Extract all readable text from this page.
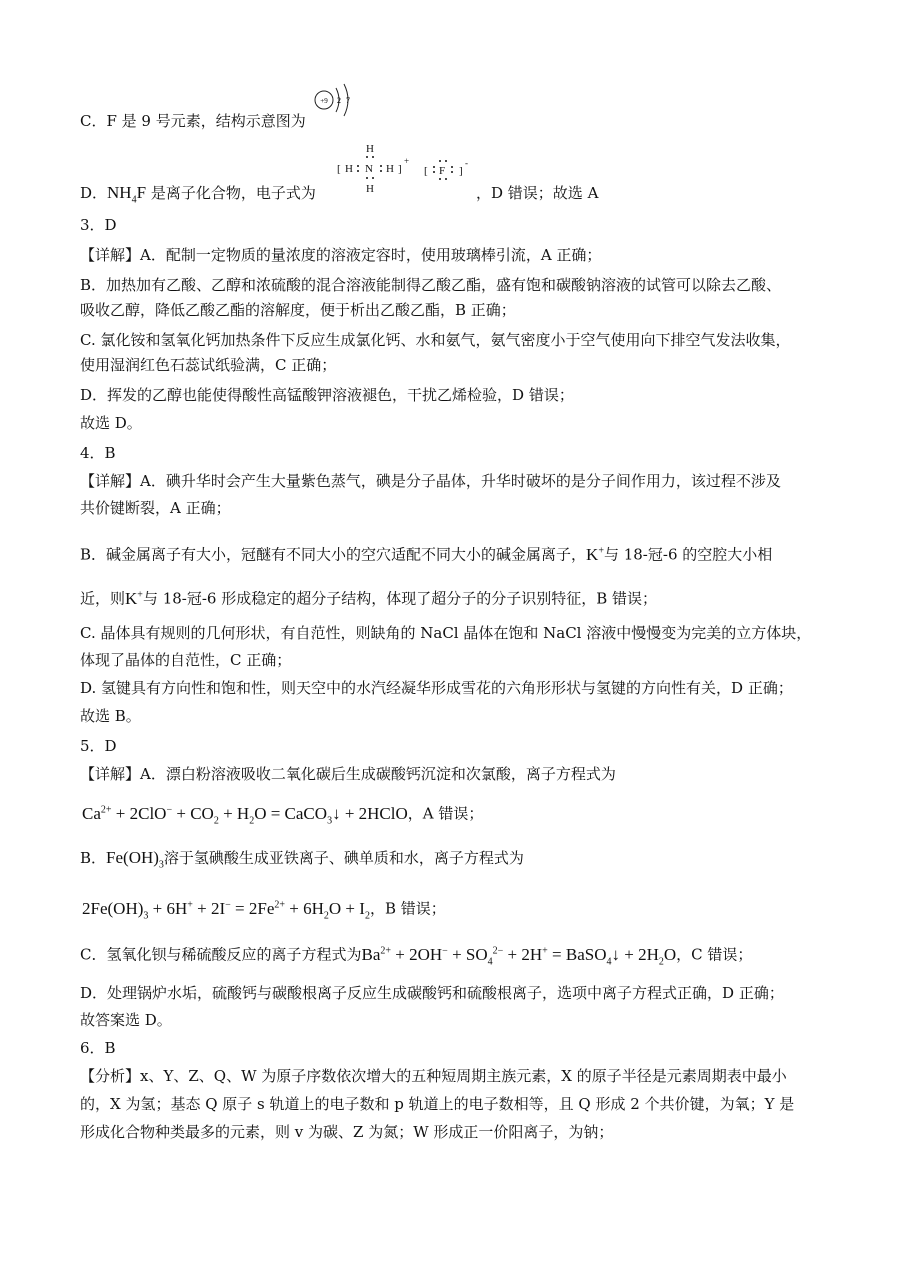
C．F 是 9 号元素，结构示意图为
+9 2 7
D．$NH_4F$ 是离子化合物，电子式为	，D 错误；故选 A
H
H
[ H N H ]
+
[ F ]
-
3．D
【详解】A．配制一定物质的量浓度的溶液定容时，使用玻璃棒引流，A 正确；
B．加热加有乙酸、乙醇和浓硫酸的混合溶液能制得乙酸乙酯，盛有饱和碳酸钠溶液的试管可以除去乙酸、
吸收乙醇，降低乙酸乙酯的溶解度，便于析出乙酸乙酯，B 正确；
C. 氯化铵和氢氧化钙加热条件下反应生成氯化钙、水和氨气，氨气密度小于空气使用向下排空气发法收集，
使用湿润红色石蕊试纸验满，C 正确；
D．挥发的乙醇也能使得酸性高锰酸钾溶液褪色，干扰乙烯检验，D 错误；
故选 D。
4．B
【详解】A．碘升华时会产生大量紫色蒸气，碘是分子晶体，升华时破坏的是分子间作用力，该过程不涉及
共价键断裂，A 正确；
B．碱金属离子有大小，冠醚有不同大小的空穴适配不同大小的碱金属离子，K+与 18-冠-6 的空腔大小相
近，则K+与 18-冠-6 形成稳定的超分子结构，体现了超分子的分子识别特征，B 错误；
C. 晶体具有规则的几何形状，有自范性，则缺角的 NaCl 晶体在饱和 NaCl 溶液中慢慢变为完美的立方体块，
体现了晶体的自范性，C 正确；
D. 氢键具有方向性和饱和性，则天空中的水汽经凝华形成雪花的六角形形状与氢键的方向性有关，D 正确；
故选 B。
5．D
【详解】A．漂白粉溶液吸收二氧化碳后生成碳酸钙沉淀和次氯酸，离子方程式为
$Ca^{2+} + 2ClO^- + CO_2 + H_2O$ = CaCO$_3$↓ + 2HClO，A 错误；
B．$Fe(OH)_3$溶于氢碘酸生成亚铁离子、碘单质和水，离子方程式为
$2Fe(OH)_3 + 6H^+ + 2I^- = 2Fe^{2+} + 6H_2O + I_2$，B 错误；
C．氢氧化钡与稀硫酸反应的离子方程式为$Ba^{2+} + 2OH^- + SO_4^{2-} + 2H^+$ = BaSO$_4$↓ + $2H_2O$，C 错误；
D．处理锅炉水垢，硫酸钙与碳酸根离子反应生成碳酸钙和硫酸根离子，选项中离子方程式正确，D 正确；
故答案选 D。
6．B
【分析】x、Y、Z、Q、W 为原子序数依次增大的五种短周期主族元素，X 的原子半径是元素周期表中最小
的，X 为氢；基态 Q 原子 s 轨道上的电子数和 p 轨道上的电子数相等，且 Q 形成 2 个共价键，为氧；Y 是
形成化合物种类最多的元素，则 v 为碳、Z 为氮；W 形成正一价阳离子，为钠；
